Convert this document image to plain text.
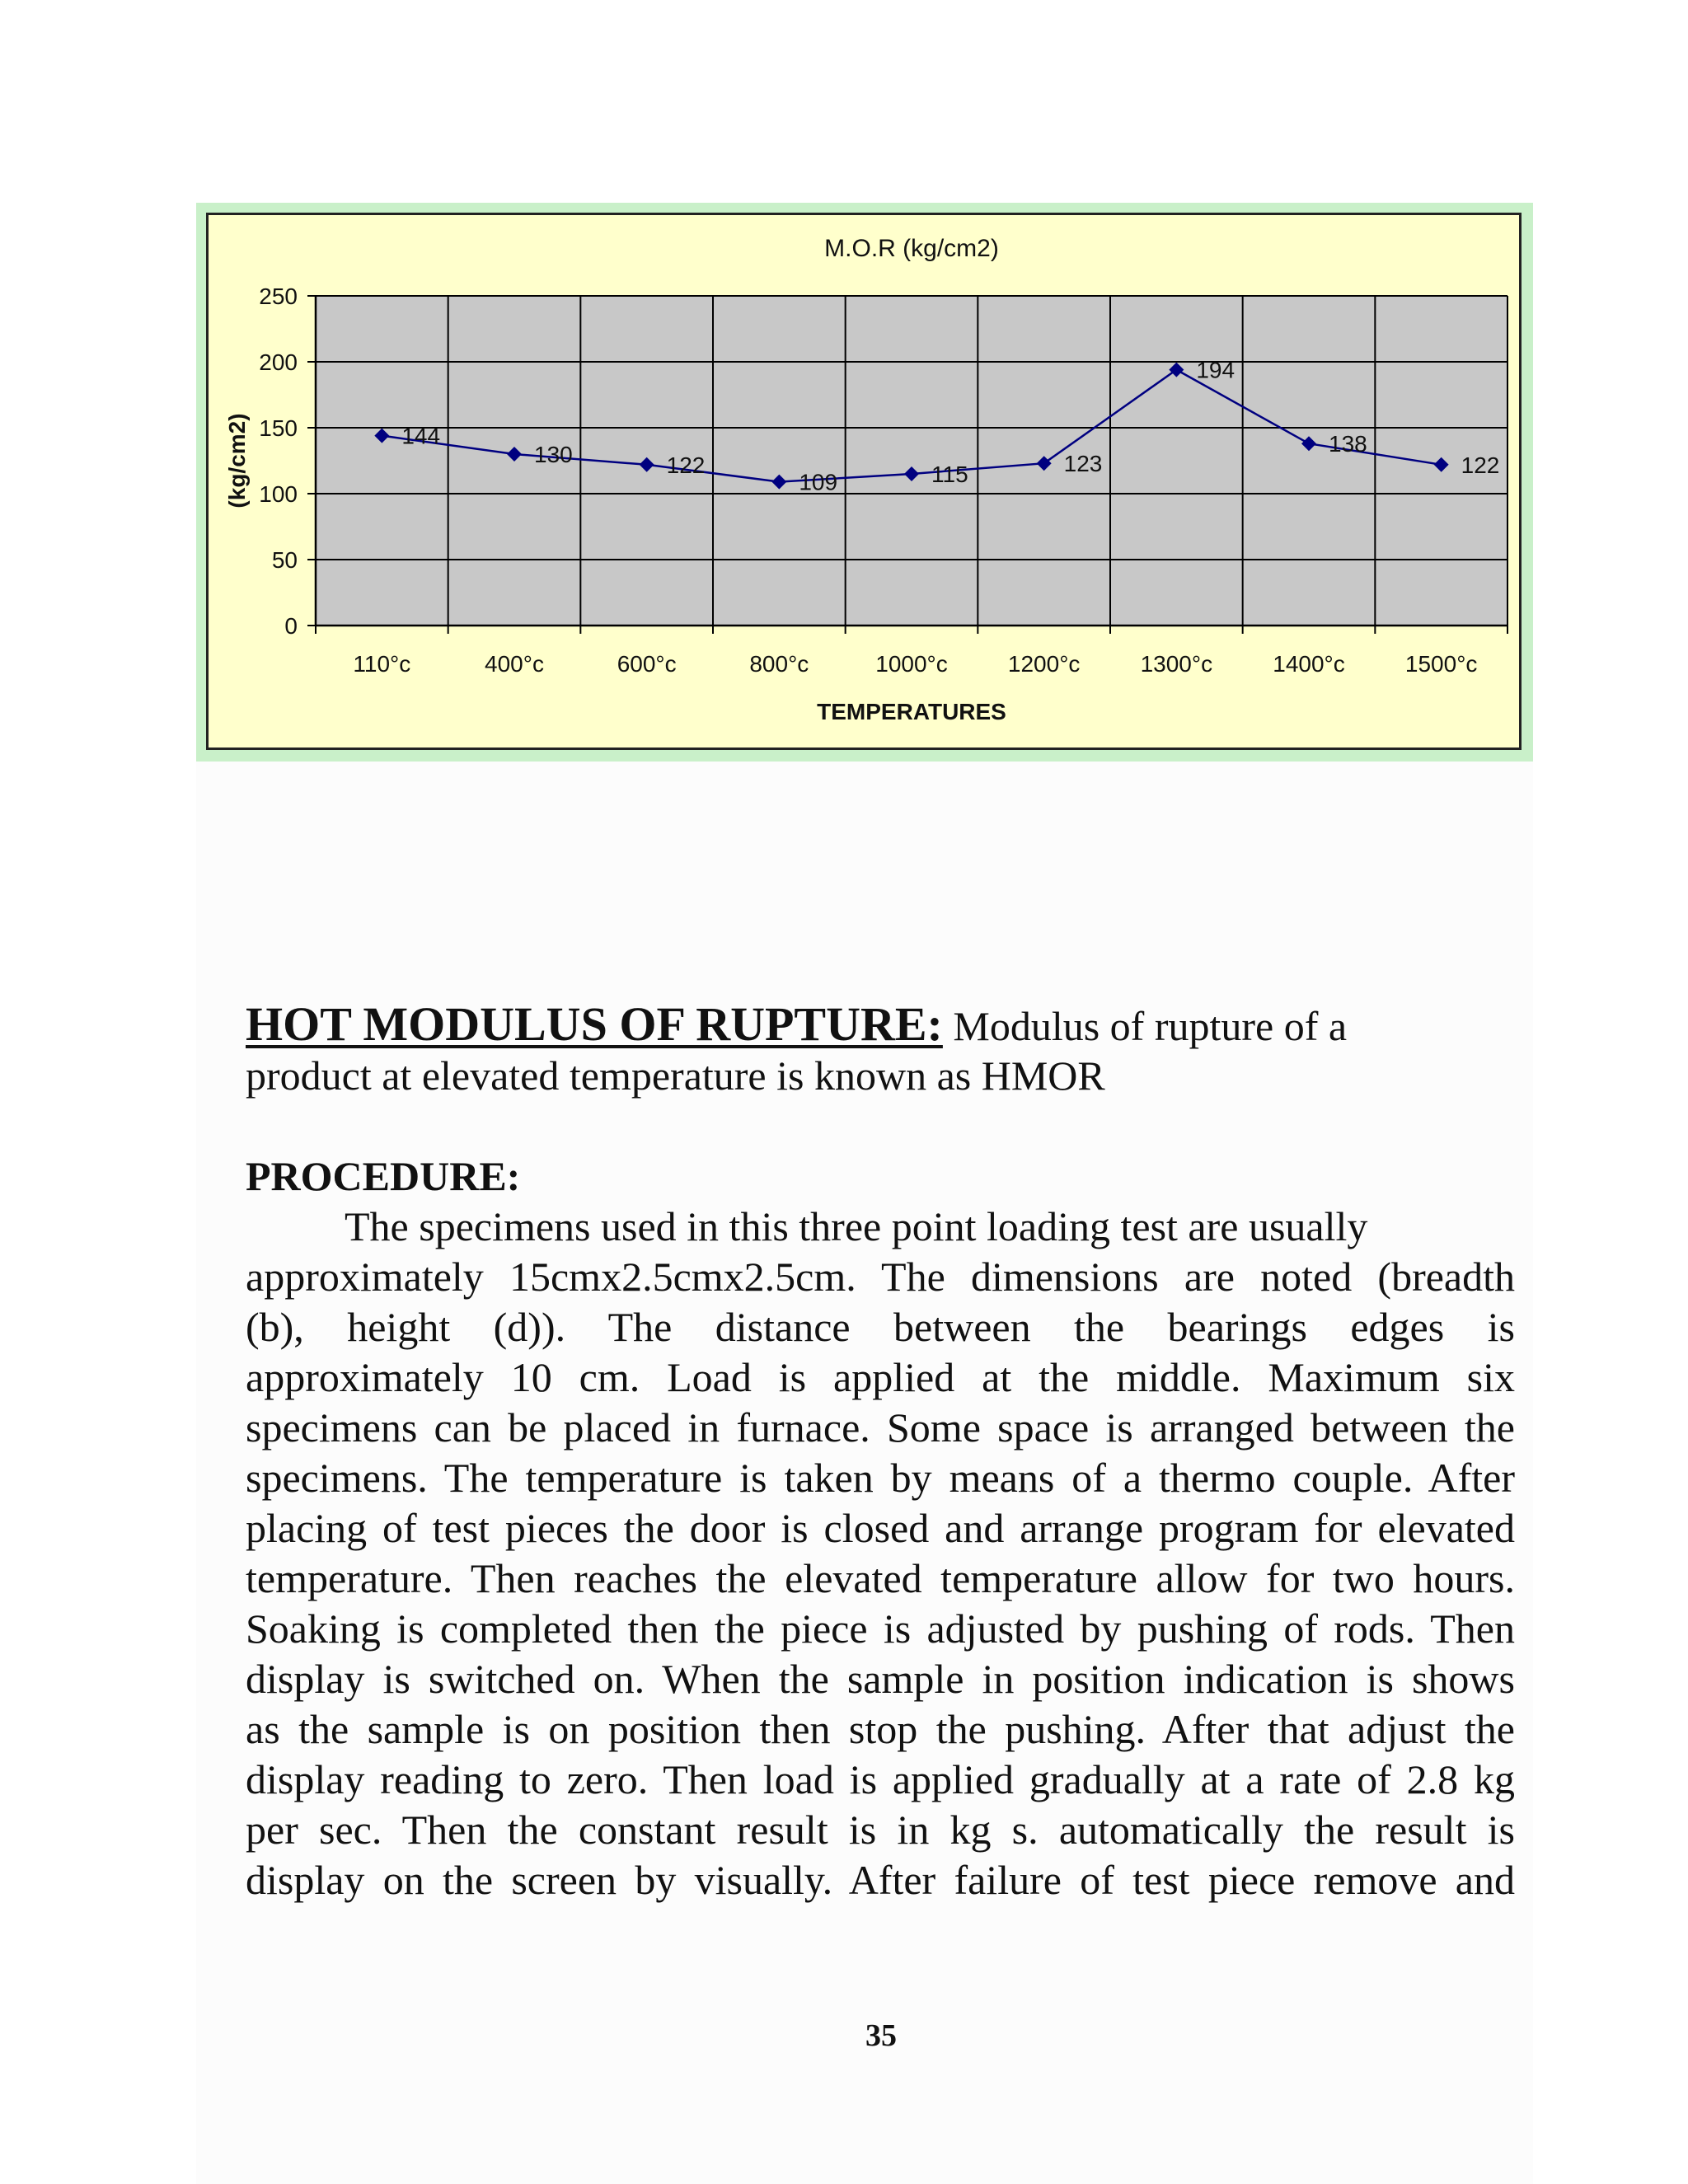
0
50
100
150
200
250
110°c	400°c	600°c	800°c	1000°c	1200°c	1300°c	1400°c	1500°c
M.O.R (kg/cm2)
TEMPERATURES
(kg/cm2)	144
130	122
109	115	123
194
138
122
HOT MODULUS OF RUPTURE: Modulus of rupture of a
product at elevated temperature is known as HMOR
PROCEDURE:
The specimens used in this three point loading test are usually
approximately 15cmx2.5cmx2.5cm. The dimensions are noted (breadth
(b), height (d)). The distance between the bearings edges is
approximately 10 cm. Load is applied at the middle. Maximum six
specimens can be placed in furnace. Some space is arranged between the
specimens. The temperature is taken by means of a thermo couple. After
placing of test pieces the door is closed and arrange program for elevated
temperature. Then reaches the elevated temperature allow for two hours.
Soaking is completed then the piece is adjusted by pushing of rods. Then
display is switched on. When the sample in position indication is shows
as the sample is on position then stop the pushing. After that adjust the
display reading to zero. Then load is applied gradually at a rate of 2.8 kg
per sec. Then the constant result is in kg s. automatically the result is
display on the screen by visually. After failure of test piece remove and
35
